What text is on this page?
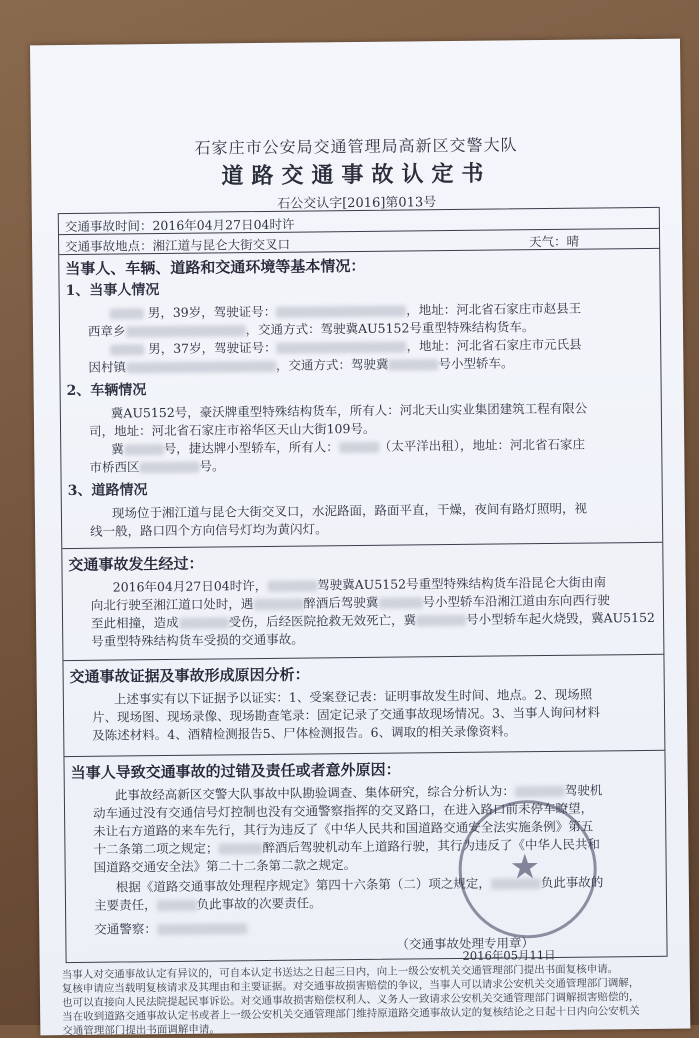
石家庄市公安局交通管理局高新区交警大队
道路交通事故认定书
石公交认字[2016]第013号
交通事故时间：2016年04月27日04时许
交通事故地点：湘江道与昆仑大街交叉口	天气：晴
当事人、车辆、道路和交通环境等基本情况：
1、当事人情况
男，39岁，驾驶证号：	，地址：河北省石家庄市赵县王
西章乡	，交通方式：驾驶冀AU5152号重型特殊结构货车。
男，37岁，驾驶证号：	，地址：河北省石家庄市元氏县
因村镇	，交通方式：驾驶冀	号小型轿车。
2、车辆情况
冀AU5152号，豪沃牌重型特殊结构货车，所有人：河北天山实业集团建筑工程有限公
司，地址：河北省石家庄市裕华区天山大街109号。
冀	号，捷达牌小型轿车，所有人：	（太平洋出租），地址：河北省石家庄
市桥西区	号。
3、道路情况
现场位于湘江道与昆仑大街交叉口，水泥路面，路面平直，干燥，夜间有路灯照明，视
线一般，路口四个方向信号灯均为黄闪灯。
交通事故发生经过：
2016年04月27日04时许，	驾驶冀AU5152号重型特殊结构货车沿昆仑大街由南
向北行驶至湘江道口处时，遇	醉酒后驾驶冀	号小型轿车沿湘江道由东向西行驶
至此相撞，造成	受伤，后经医院抢救无效死亡，冀	号小型轿车起火烧毁，冀AU5152
号重型特殊结构货车受损的交通事故。
交通事故证据及事故形成原因分析：
上述事实有以下证据予以证实：1、受案登记表：证明事故发生时间、地点。2、现场照
片、现场图、现场录像、现场勘查笔录：固定记录了交通事故现场情况。3、当事人询问材料
及陈述材料。4、酒精检测报告5、尸体检测报告。6、调取的相关录像资料。
当事人导致交通事故的过错及责任或者意外原因：
此事故经高新区交警大队事故中队勘验调查、集体研究，综合分析认为：	驾驶机
动车通过没有交通信号灯控制也没有交通警察指挥的交叉路口，在进入路口前未停车瞭望，
未让右方道路的来车先行，其行为违反了《中华人民共和国道路交通安全法实施条例》第五
十二条第二项之规定；	醉酒后驾驶机动车上道路行驶，其行为违反了《中华人民共和
国道路交通安全法》第二十二条第二款之规定。
根据《道路交通事故处理程序规定》第四十六条第（二）项之规定，	负此事故的
主要责任，	负此事故的次要责任。
交通警察：
（交通事故处理专用章）
2016年05月11日
★
当事人对交通事故认定有异议的，可自本认定书送达之日起三日内，向上一级公安机关交通管理部门提出书面复核申请。
复核申请应当载明复核请求及其理由和主要证据。对交通事故损害赔偿的争议，当事人可以请求公安机关交通管理部门调解，
也可以直接向人民法院提起民事诉讼。对交通事故损害赔偿权利人、义务人一致请求公安机关交通管理部门调解损害赔偿的，
当在收到道路交通事故认定书或者上一级公安机关交通管理部门维持原道路交通事故认定的复核结论之日起十日内向公安机关
交通管理部门提出书面调解申请。
